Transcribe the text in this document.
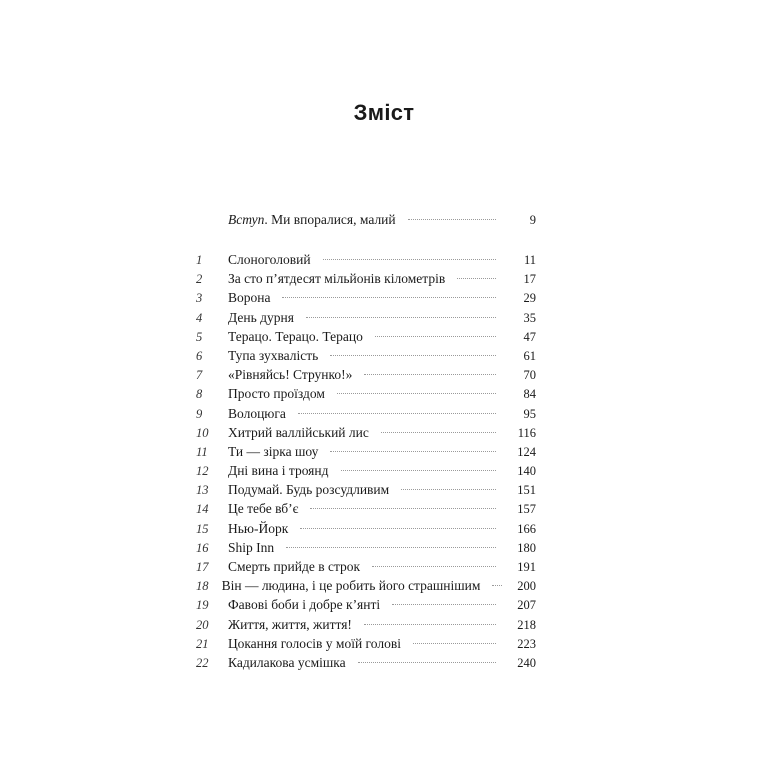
Зміст
Вступ. Ми впоралися, малий	9
1	Слоноголовий	11
2	За сто п’ятдесят мільйонів кілометрів	17
3	Ворона	29
4	День дурня	35
5	Терацо. Терацо. Терацо	47
6	Тупа зухвалість	61
7	«Рівняйсь! Струнко!»	70
8	Просто проїздом	84
9	Волоцюга	95
10	Хитрий валлійський лис	116
11	Ти — зірка шоу	124
12	Дні вина і троянд	140
13	Подумай. Будь розсудливим	151
14	Це тебе вб’є	157
15	Нью-Йорк	166
16	Ship Inn	180
17	Смерть прийде в строк	191
18 Він — людина, і це робить його страшнішим	200
19	Фавові боби і добре к’янті	207
20	Життя, життя, життя!	218
21	Цокання голосів у моїй голові	223
22	Кадилакова усмішка	240
